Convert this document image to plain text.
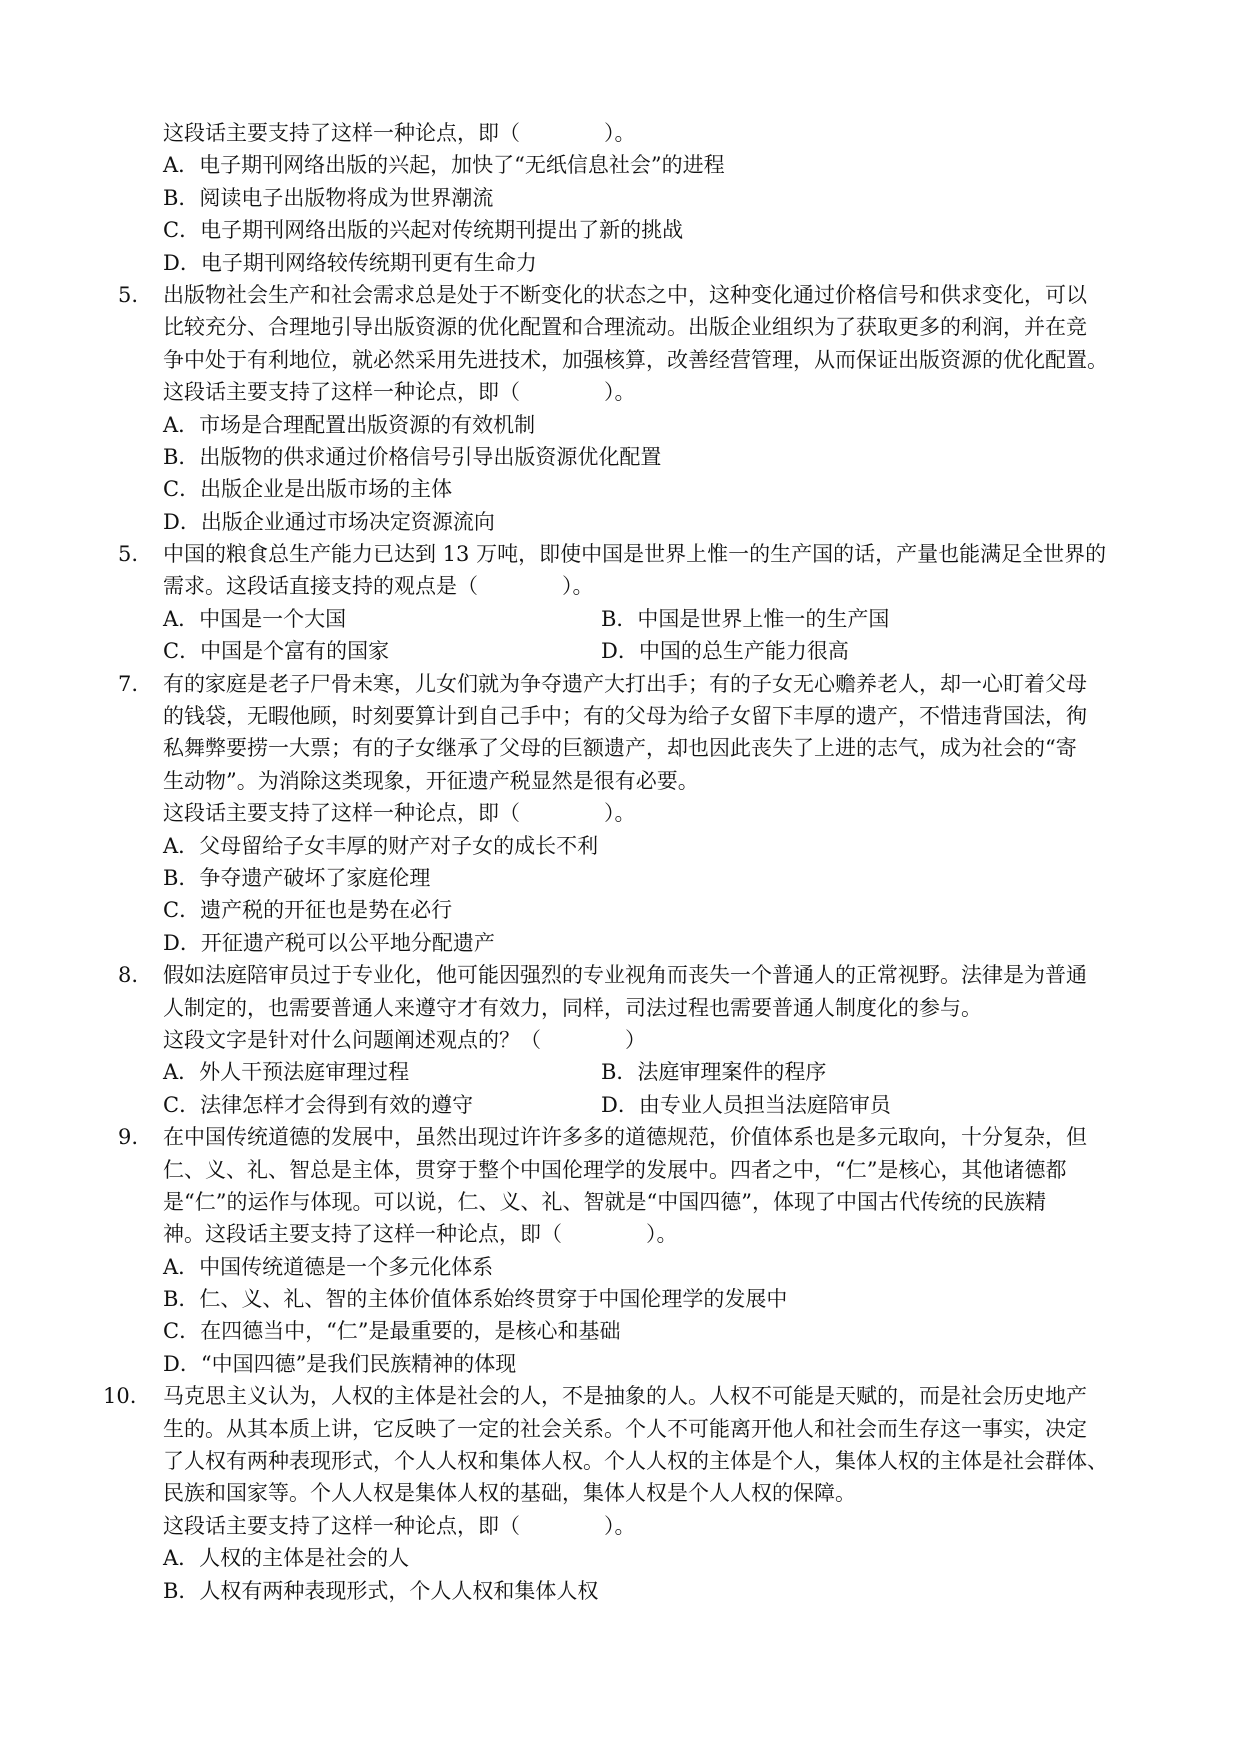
这段话主要支持了这样一种论点，即（　　　　）。
A．电子期刊网络出版的兴起，加快了“无纸信息社会”的进程
B．阅读电子出版物将成为世界潮流
C．电子期刊网络出版的兴起对传统期刊提出了新的挑战
D．电子期刊网络较传统期刊更有生命力
5.	出版物社会生产和社会需求总是处于不断变化的状态之中，这种变化通过价格信号和供求变化，可以
比较充分、合理地引导出版资源的优化配置和合理流动。出版企业组织为了获取更多的利润，并在竞
争中处于有利地位，就必然采用先进技术，加强核算，改善经营管理，从而保证出版资源的优化配置。
这段话主要支持了这样一种论点，即（　　　　）。
A．市场是合理配置出版资源的有效机制
B．出版物的供求通过价格信号引导出版资源优化配置
C．出版企业是出版市场的主体
D．出版企业通过市场决定资源流向
5.	中国的粮食总生产能力已达到 13 万吨，即使中国是世界上惟一的生产国的话，产量也能满足全世界的
需求。这段话直接支持的观点是（　　　　）。
A．中国是一个大国	B．中国是世界上惟一的生产国
C．中国是个富有的国家	D．中国的总生产能力很高
7.	有的家庭是老子尸骨未寒，儿女们就为争夺遗产大打出手；有的子女无心赡养老人，却一心盯着父母
的钱袋，无暇他顾，时刻要算计到自己手中；有的父母为给子女留下丰厚的遗产，不惜违背国法，徇
私舞弊要捞一大票；有的子女继承了父母的巨额遗产，却也因此丧失了上进的志气，成为社会的“寄
生动物”。为消除这类现象，开征遗产税显然是很有必要。
这段话主要支持了这样一种论点，即（　　　　）。
A．父母留给子女丰厚的财产对子女的成长不利
B．争夺遗产破坏了家庭伦理
C．遗产税的开征也是势在必行
D．开征遗产税可以公平地分配遗产
8.	假如法庭陪审员过于专业化，他可能因强烈的专业视角而丧失一个普通人的正常视野。法律是为普通
人制定的，也需要普通人来遵守才有效力，同样，司法过程也需要普通人制度化的参与。
这段文字是针对什么问题阐述观点的？（　　　　）
A．外人干预法庭审理过程	B．法庭审理案件的程序
C．法律怎样才会得到有效的遵守	D．由专业人员担当法庭陪审员
9.	在中国传统道德的发展中，虽然出现过许许多多的道德规范，价值体系也是多元取向，十分复杂，但
仁、义、礼、智总是主体，贯穿于整个中国伦理学的发展中。四者之中，“仁”是核心，其他诸德都
是“仁”的运作与体现。可以说，仁、义、礼、智就是“中国四德”，体现了中国古代传统的民族精
神。这段话主要支持了这样一种论点，即（　　　　）。
A．中国传统道德是一个多元化体系
B．仁、义、礼、智的主体价值体系始终贯穿于中国伦理学的发展中
C．在四德当中，“仁”是最重要的，是核心和基础
D．“中国四德”是我们民族精神的体现
10.	马克思主义认为，人权的主体是社会的人，不是抽象的人。人权不可能是天赋的，而是社会历史地产
生的。从其本质上讲，它反映了一定的社会关系。个人不可能离开他人和社会而生存这一事实，决定
了人权有两种表现形式，个人人权和集体人权。个人人权的主体是个人，集体人权的主体是社会群体、
民族和国家等。个人人权是集体人权的基础，集体人权是个人人权的保障。
这段话主要支持了这样一种论点，即（　　　　）。
A．人权的主体是社会的人
B．人权有两种表现形式，个人人权和集体人权
